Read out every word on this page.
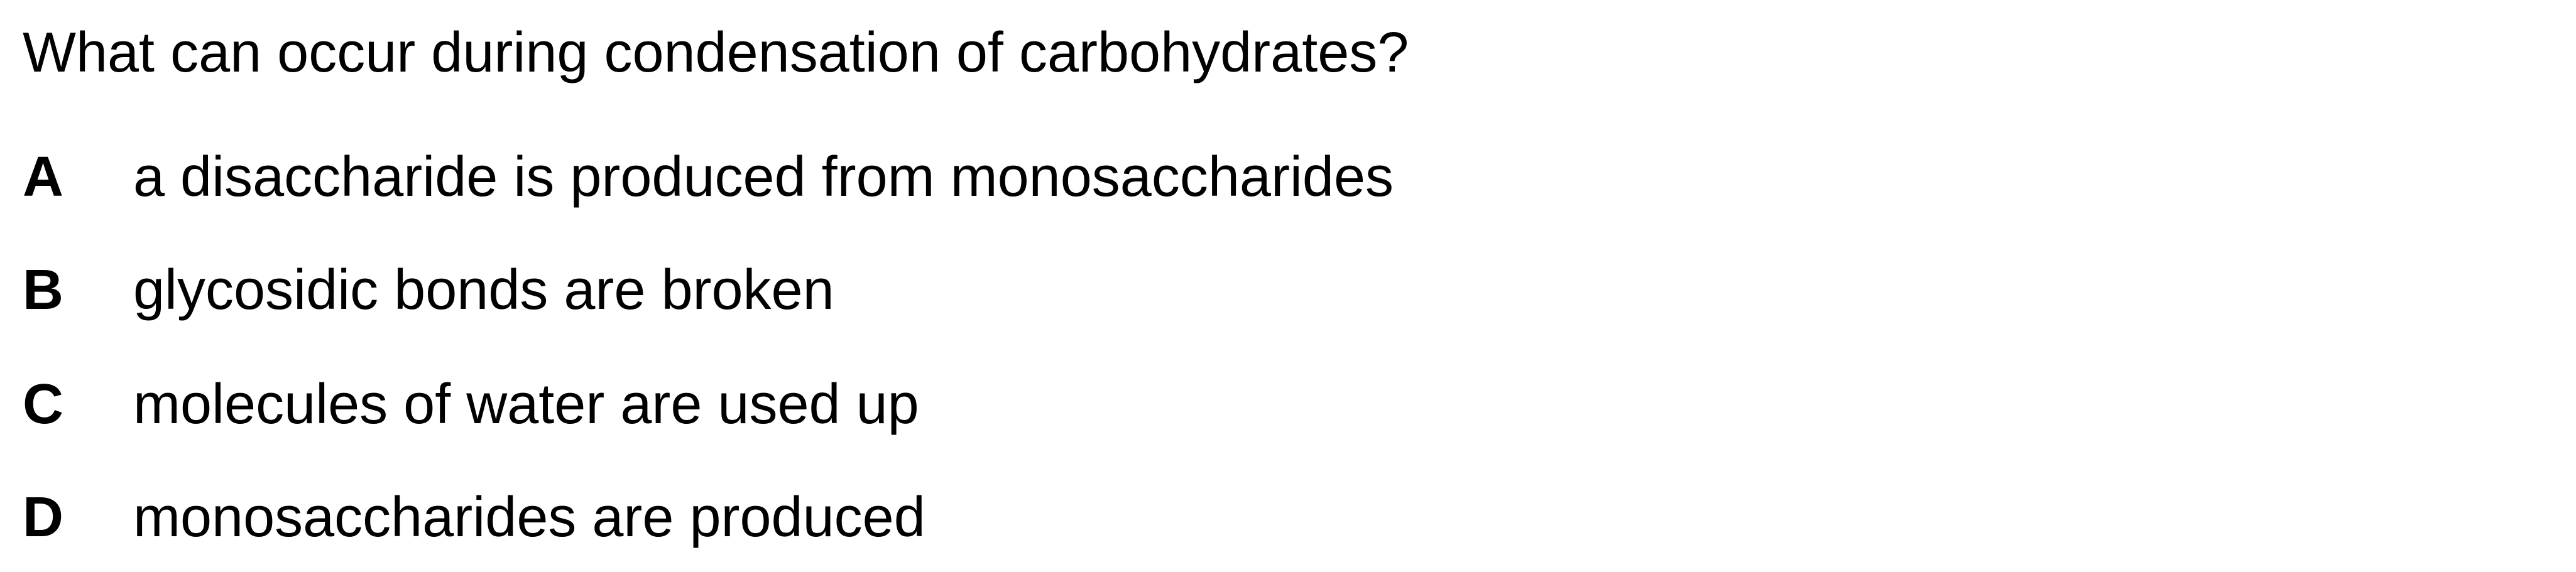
What can occur during condensation of carbohydrates?
A a disaccharide is produced from monosaccharides
B glycosidic bonds are broken
C molecules of water are used up
D monosaccharides are produced
